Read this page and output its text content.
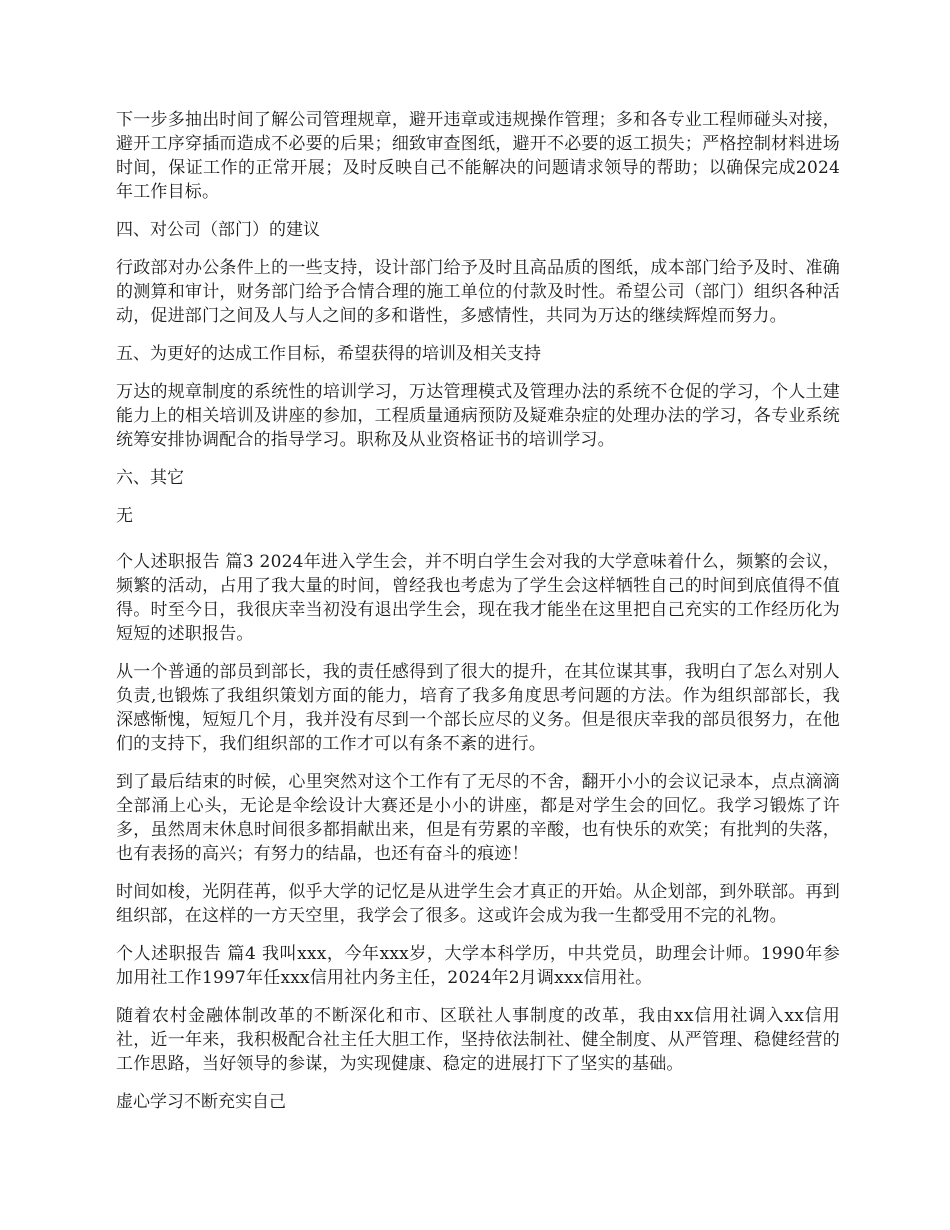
下一步多抽出时间了解公司管理规章，避开违章或违规操作管理；多和各专业工程师碰头对接，避开工序穿插而造成不必要的后果；细致审查图纸，避开不必要的返工损失；严格控制材料进场时间，保证工作的正常开展；及时反映自己不能解决的问题请求领导的帮助；以确保完成2024年工作目标。

四、对公司（部门）的建议

行政部对办公条件上的一些支持，设计部门给予及时且高品质的图纸，成本部门给予及时、准确的测算和审计，财务部门给予合情合理的施工单位的付款及时性。希望公司（部门）组织各种活动，促进部门之间及人与人之间的多和谐性，多感情性，共同为万达的继续辉煌而努力。

五、为更好的达成工作目标，希望获得的培训及相关支持

万达的规章制度的系统性的培训学习，万达管理模式及管理办法的系统不仓促的学习，个人土建能力上的相关培训及讲座的参加，工程质量通病预防及疑难杂症的处理办法的学习，各专业系统统筹安排协调配合的指导学习。职称及从业资格证书的培训学习。

六、其它

无

个人述职报告 篇3 2024年进入学生会，并不明白学生会对我的大学意味着什么，频繁的会议，频繁的活动，占用了我大量的时间，曾经我也考虑为了学生会这样牺牲自己的时间到底值得不值得。时至今日，我很庆幸当初没有退出学生会，现在我才能坐在这里把自己充实的工作经历化为短短的述职报告。

从一个普通的部员到部长，我的责任感得到了很大的提升，在其位谋其事，我明白了怎么对别人负责,也锻炼了我组织策划方面的能力，培育了我多角度思考问题的方法。作为组织部部长，我深感惭愧，短短几个月，我并没有尽到一个部长应尽的义务。但是很庆幸我的部员很努力，在他们的支持下，我们组织部的工作才可以有条不紊的进行。

到了最后结束的时候，心里突然对这个工作有了无尽的不舍，翻开小小的会议记录本，点点滴滴全部涌上心头，无论是伞绘设计大赛还是小小的讲座，都是对学生会的回忆。我学习锻炼了许多，虽然周末休息时间很多都捐献出来，但是有劳累的辛酸，也有快乐的欢笑；有批判的失落，也有表扬的高兴；有努力的结晶，也还有奋斗的痕迹！

时间如梭，光阴荏苒，似乎大学的记忆是从进学生会才真正的开始。从企划部，到外联部。再到组织部，在这样的一方天空里，我学会了很多。这或许会成为我一生都受用不完的礼物。

个人述职报告 篇4 我叫xxx，今年xxx岁，大学本科学历，中共党员，助理会计师。1990年参加用社工作1997年任xxx信用社内务主任，2024年2月调xxx信用社。

随着农村金融体制改革的不断深化和市、区联社人事制度的改革，我由xx信用社调入xx信用社，近一年来，我积极配合社主任大胆工作，坚持依法制社、健全制度、从严管理、稳健经营的工作思路，当好领导的参谋，为实现健康、稳定的进展打下了坚实的基础。

虚心学习不断充实自己
